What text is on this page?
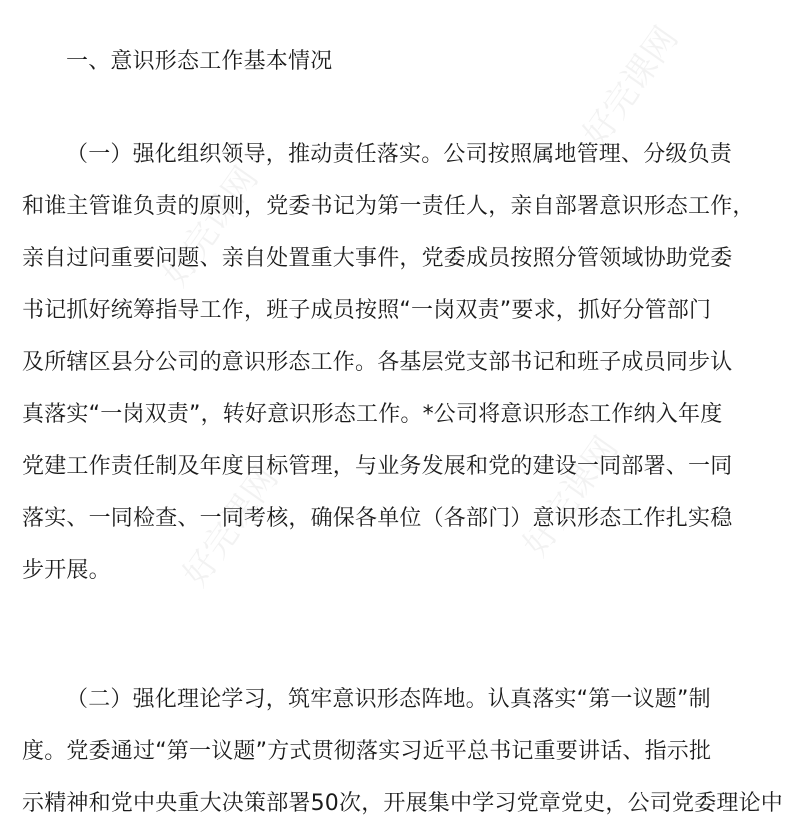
好完课网
好完课网
好完课网	好完课网
一、意识形态工作基本情况
（一）强化组织领导，推动责任落实。公司按照属地管理、分级负责
和谁主管谁负责的原则，党委书记为第一责任人，亲自部署意识形态工作，
亲自过问重要问题、亲自处置重大事件，党委成员按照分管领域协助党委
书记抓好统筹指导工作，班子成员按照“一岗双责”要求，抓好分管部门
及所辖区县分公司的意识形态工作。各基层党支部书记和班子成员同步认
真落实“一岗双责”，转好意识形态工作。*公司将意识形态工作纳入年度
党建工作责任制及年度目标管理，与业务发展和党的建设一同部署、一同
落实、一同检查、一同考核，确保各单位（各部门）意识形态工作扎实稳
步开展。
（二）强化理论学习，筑牢意识形态阵地。认真落实“第一议题”制
度。党委通过“第一议题”方式贯彻落实习近平总书记重要讲话、指示批
示精神和党中央重大决策部署50次，开展集中学习党章党史，公司党委理论中
